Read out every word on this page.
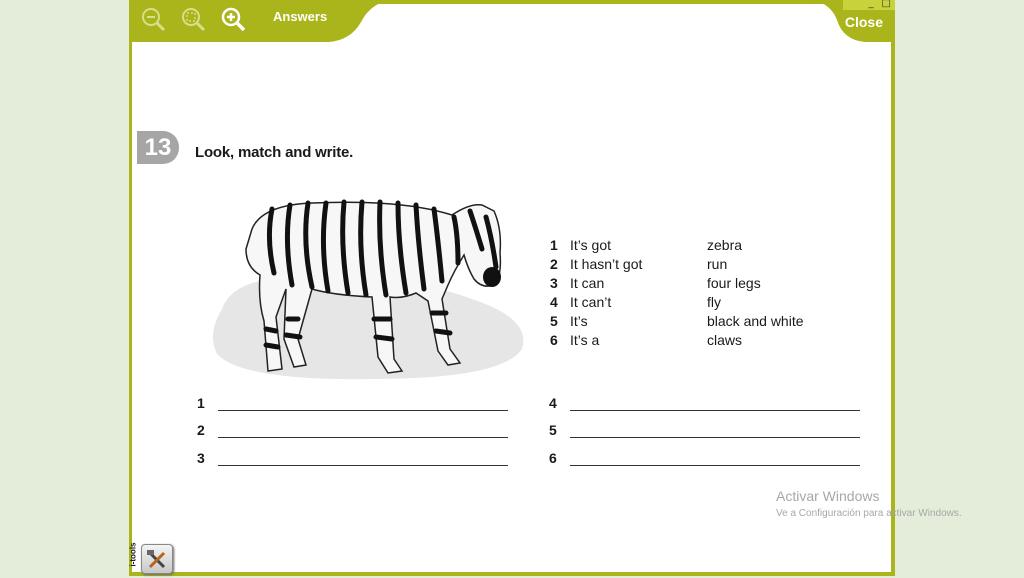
Answers
_ □
Close
13	Look, match and write.
1 It’s got	zebra
2 It hasn’t got	run
3 It can	four legs
4 It can’t	fly
5 It’s	black and white
6 It’s a	claws
1
2
3
4
5
6
i-tools
Activar Windows
Ve a Configuración para activar Windows.
